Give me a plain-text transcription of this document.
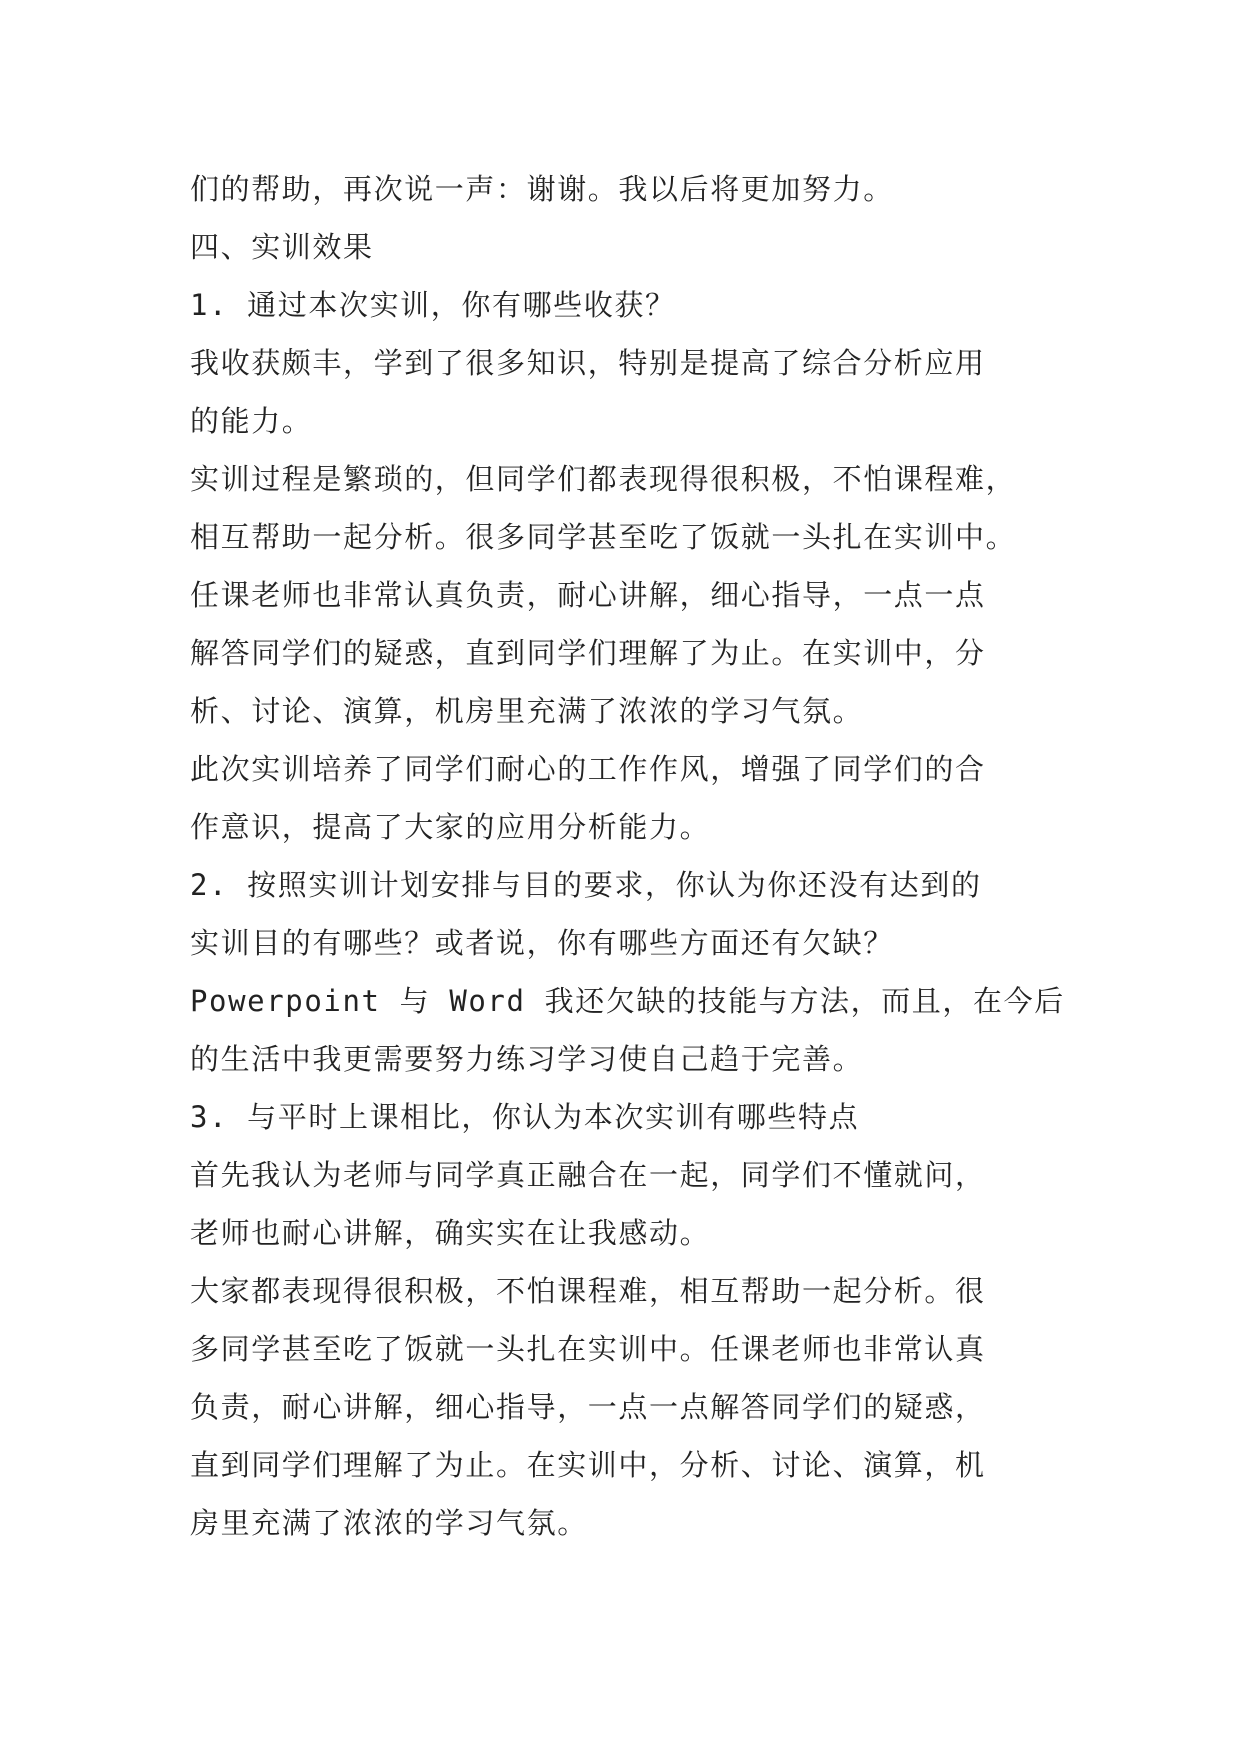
们的帮助，再次说一声：谢谢。我以后将更加努力。
四、实训效果
1. 通过本次实训，你有哪些收获？
我收获颇丰，学到了很多知识，特别是提高了综合分析应用
的能力。
实训过程是繁琐的，但同学们都表现得很积极，不怕课程难，
相互帮助一起分析。很多同学甚至吃了饭就一头扎在实训中。
任课老师也非常认真负责，耐心讲解，细心指导，一点一点
解答同学们的疑惑，直到同学们理解了为止。在实训中，分
析、讨论、演算，机房里充满了浓浓的学习气氛。
此次实训培养了同学们耐心的工作作风，增强了同学们的合
作意识，提高了大家的应用分析能力。
2. 按照实训计划安排与目的要求，你认为你还没有达到的
实训目的有哪些？或者说，你有哪些方面还有欠缺？
Powerpoint 与 Word 我还欠缺的技能与方法，而且，在今后
的生活中我更需要努力练习学习使自己趋于完善。
3. 与平时上课相比，你认为本次实训有哪些特点
首先我认为老师与同学真正融合在一起，同学们不懂就问，
老师也耐心讲解，确实实在让我感动。
大家都表现得很积极，不怕课程难，相互帮助一起分析。很
多同学甚至吃了饭就一头扎在实训中。任课老师也非常认真
负责，耐心讲解，细心指导，一点一点解答同学们的疑惑，
直到同学们理解了为止。在实训中，分析、讨论、演算，机
房里充满了浓浓的学习气氛。
